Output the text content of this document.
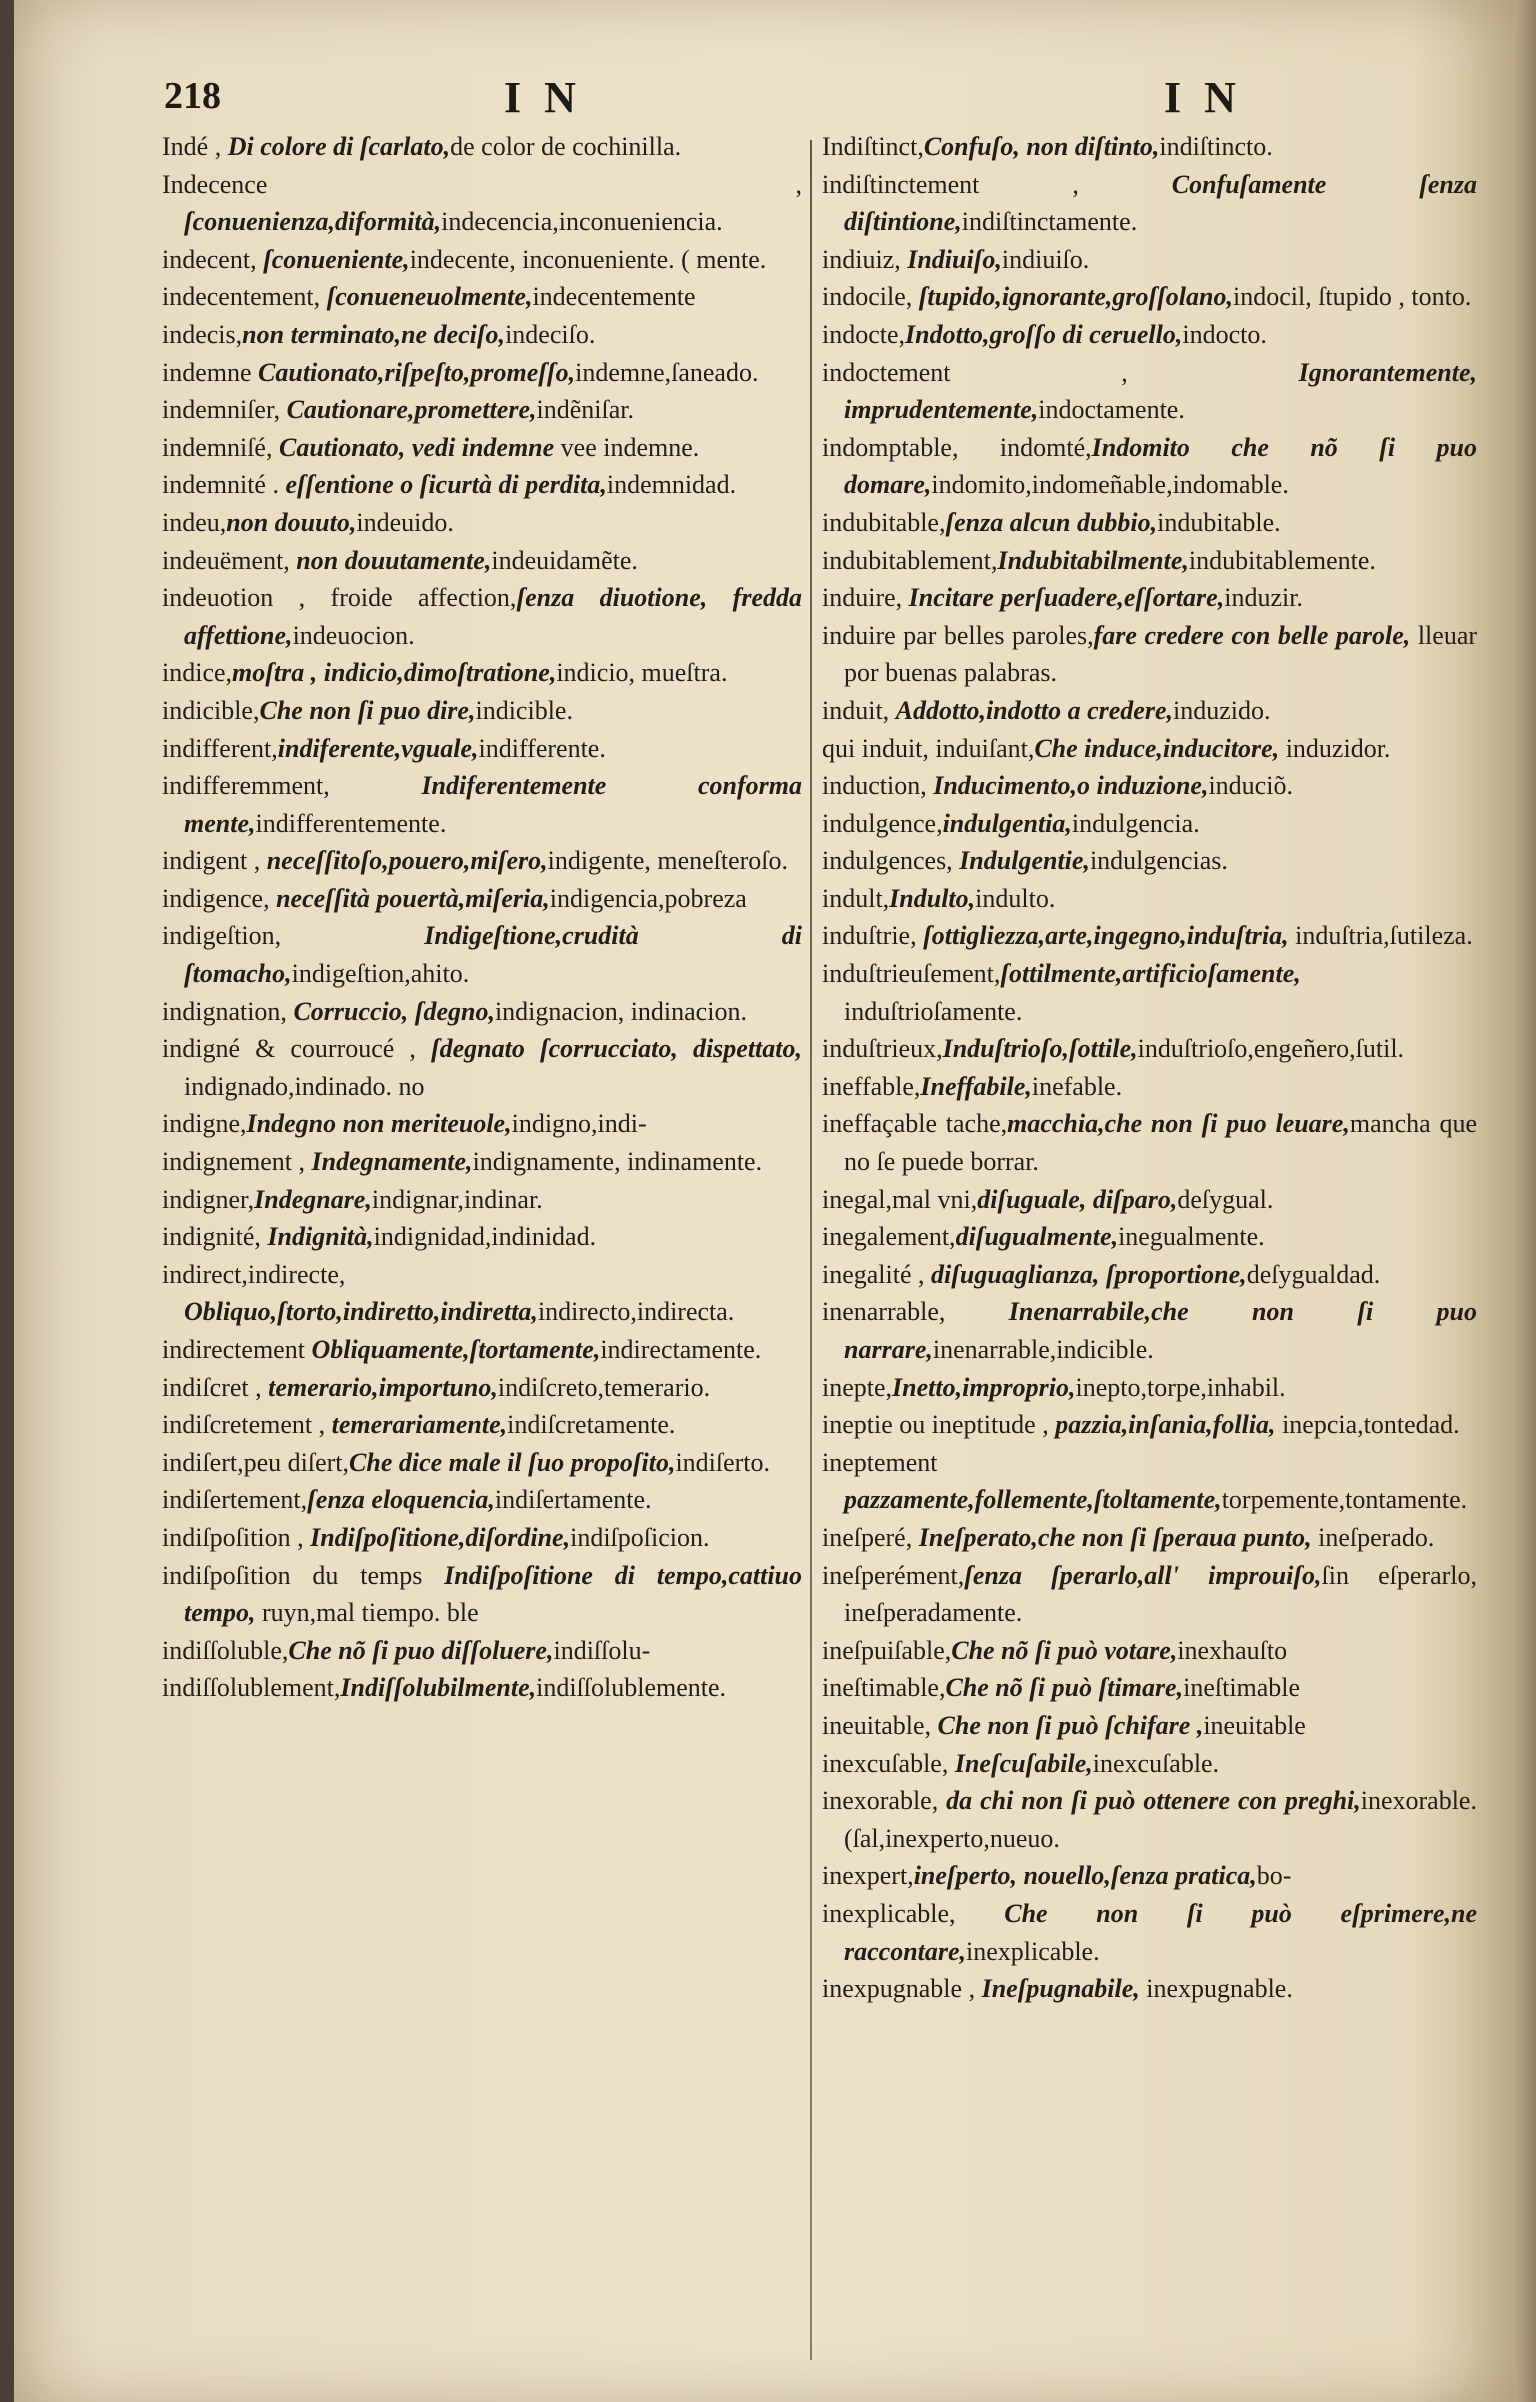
218	I N	I N

Indé , Di colore di ſcarlato,de color de cochinilla.

Indecence , ſconuenienza,diformità,indecencia,inconueniencia.

indecent, ſconueniente,indecente, inconueniente. ( mente.

indecentement, ſconueneuolmente,indecentemente

indecis,non terminato,ne deciſo,indeciſo.

indemne Cautionato,riſpeſto,promeſſo,indemne,ſaneado.

indemniſer, Cautionare,promettere,indẽniſar.

indemniſé, Cautionato, vedi indemne vee indemne.

indemnité . eſſentione o ſicurtà di perdita,indemnidad.

indeu,non douuto,indeuido.

indeuëment, non douutamente,indeuidamẽte.

indeuotion , froide affection,ſenza diuotione, fredda affettione,indeuocion.

indice,moſtra , indicio,dimoſtratione,indicio, mueſtra.

indicible,Che non ſi puo dire,indicible.

indifferent,indiferente,vguale,indifferente.

indifferemment, Indiferentemente conforma mente,indifferentemente.

indigent , neceſſitoſo,pouero,miſero,indigente, meneſteroſo.

indigence, neceſſità pouertà,miſeria,indigencia,pobreza

indigeſtion, Indigeſtione,crudità di ſtomacho,indigeſtion,ahito.

indignation, Corruccio, ſdegno,indignacion, indinacion.

indigné & courroucé , ſdegnato ſcorrucciato, dispettato, indignado,indinado. no

indigne,Indegno non meriteuole,indigno,indi-

indignement , Indegnamente,indignamente, indinamente.

indigner,Indegnare,indignar,indinar.

indignité, Indignità,indignidad,indinidad.

indirect,indirecte, Obliquo,ſtorto,indiretto,indiretta,indirecto,indirecta.

indirectement Obliquamente,ſtortamente,indirectamente.

indiſcret , temerario,importuno,indiſcreto,temerario.

indiſcretement , temerariamente,indiſcretamente.

indiſert,peu diſert,Che dice male il ſuo propoſito,indiſerto.

indiſertement,ſenza eloquencia,indiſertamente.

indiſpoſition , Indiſpoſitione,diſordine,indiſpoſicion.

indiſpoſition du temps Indiſpoſitione di tempo,cattiuo tempo, ruyn,mal tiempo. ble

indiſſoluble,Che nõ ſi puo diſſoluere,indiſſolu-

indiſſolublement,Indiſſolubilmente,indiſſolublemente.

Indiſtinct,Confuſo, non diſtinto,indiſtincto.

indiſtinctement , Confuſamente ſenza diſtintione,indiſtinctamente.

indiuiz, Indiuiſo,indiuiſo.

indocile, ſtupido,ignorante,groſſolano,indocil, ſtupido , tonto.

indocte,Indotto,groſſo di ceruello,indocto.

indoctement , Ignorantemente, imprudentemente,indoctamente.

indomptable, indomté,Indomito che nõ ſi puo domare,indomito,indomeñable,indomable.

indubitable,ſenza alcun dubbio,indubitable.

indubitablement,Indubitabilmente,indubitablemente.

induire, Incitare perſuadere,eſſortare,induzir.

induire par belles paroles,fare credere con belle parole, lleuar por buenas palabras.

induit, Addotto,indotto a credere,induzido.

qui induit, induiſant,Che induce,inducitore, induzidor.

induction, Inducimento,o induzione,induciõ.

indulgence,indulgentia,indulgencia.

indulgences, Indulgentie,indulgencias.

indult,Indulto,indulto.

induſtrie, ſottigliezza,arte,ingegno,induſtria, induſtria,ſutileza.

induſtrieuſement,ſottilmente,artificioſamente, induſtrioſamente.

induſtrieux,Induſtrioſo,ſottile,induſtrioſo,engeñero,ſutil.

ineffable,Ineffabile,inefable.

ineffaçable tache,macchia,che non ſi puo leuare,mancha que no ſe puede borrar.

inegal,mal vni,diſuguale, diſparo,deſygual.

inegalement,diſugualmente,inegualmente.

inegalité , diſuguaglianza, ſproportione,deſygualdad.

inenarrable, Inenarrabile,che non ſi puo narrare,inenarrable,indicible.

inepte,Inetto,improprio,inepto,torpe,inhabil.

ineptie ou ineptitude , pazzia,inſania,follia, inepcia,tontedad.

ineptement pazzamente,follemente,ſtoltamente,torpemente,tontamente.

ineſperé, Ineſperato,che non ſi ſperaua punto, ineſperado.

ineſperément,ſenza ſperarlo,all' improuiſo,ſin eſperarlo, ineſperadamente.

ineſpuiſable,Che nõ ſi può votare,inexhauſto

ineſtimable,Che nõ ſi può ſtimare,ineſtimable

ineuitable, Che non ſi può ſchifare ,ineuitable

inexcuſable, Ineſcuſabile,inexcuſable.

inexorable, da chi non ſi può ottenere con preghi,inexorable. (ſal,inexperto,nueuo.

inexpert,ineſperto, nouello,ſenza pratica,bo-

inexplicable, Che non ſi può eſprimere,ne raccontare,inexplicable.

inexpugnable , Ineſpugnabile, inexpugnable.
